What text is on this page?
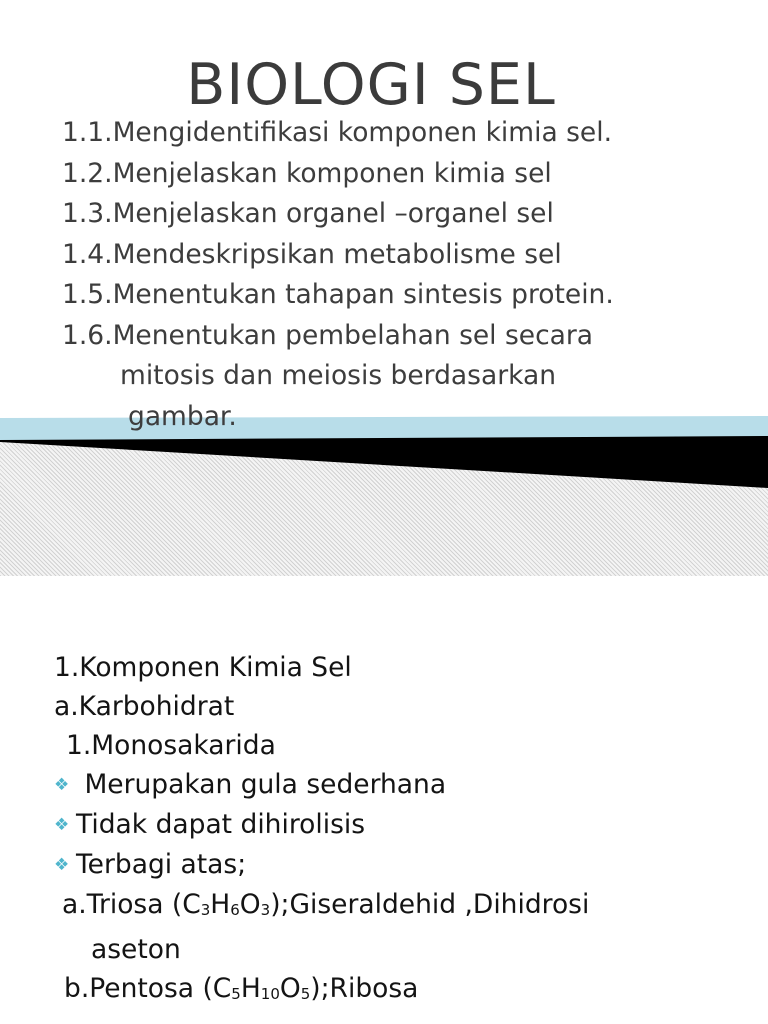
BIOLOGI SEL
1.1.Mengidentifikasi komponen kimia sel.
1.2.Menjelaskan komponen kimia sel
1.3.Menjelaskan organel –organel sel
1.4.Mendeskripsikan metabolisme sel
1.5.Menentukan tahapan sintesis protein.
1.6.Menentukan pembelahan sel secara
mitosis dan meiosis berdasarkan
gambar.
1.Komponen Kimia Sel
a.Karbohidrat
1.Monosakarida
❖ Merupakan gula sederhana
❖ Tidak dapat dihirolisis
❖ Terbagi atas;
a.Triosa $(C_3H_6O_3);Giseraldehid$ ,Dihidrosi
aseton
b.Pentosa $(C_5H_{10}O_5);Ribosa$
